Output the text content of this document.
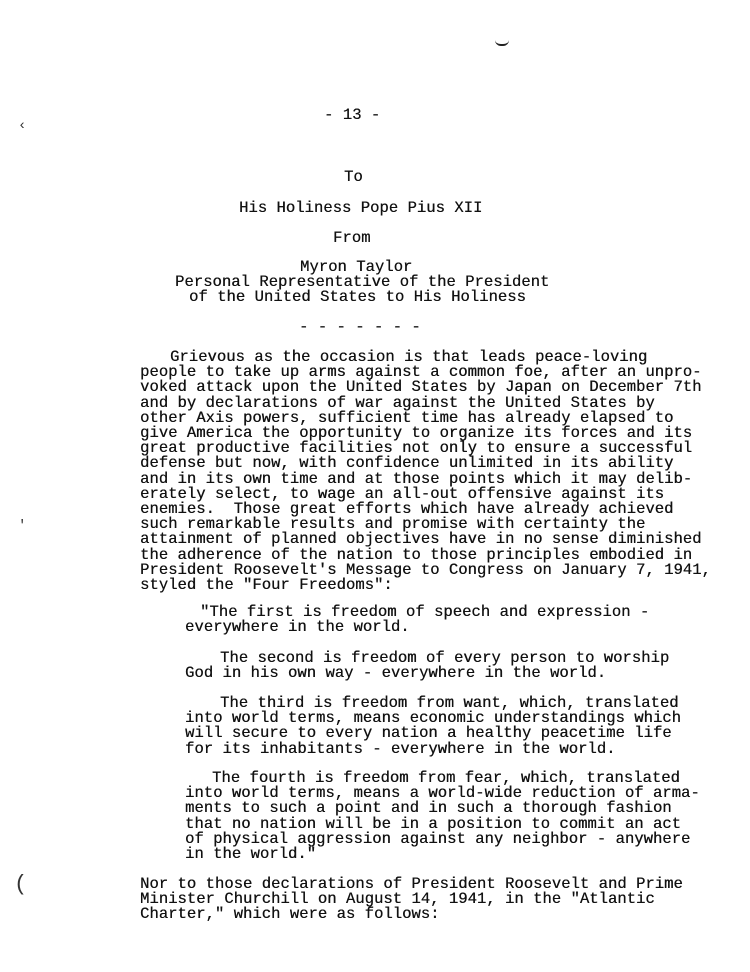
‹
'
(
- 13 -
To
His Holiness Pope Pius XII
From
Myron Taylor
Personal Representative of the President
of the United States to His Holiness
- - - - - - -
Grievous as the occasion is that leads peace-loving
people to take up arms against a common foe, after an unpro-
voked attack upon the United States by Japan on December 7th
and by declarations of war against the United States by
other Axis powers, sufficient time has already elapsed to
give America the opportunity to organize its forces and its
great productive facilities not only to ensure a successful
defense but now, with confidence unlimited in its ability
and in its own time and at those points which it may delib-
erately select, to wage an all-out offensive against its
enemies.  Those great efforts which have already achieved
such remarkable results and promise with certainty the
attainment of planned objectives have in no sense diminished
the adherence of the nation to those principles embodied in
President Roosevelt's Message to Congress on January 7, 1941,
styled the "Four Freedoms":
"The first is freedom of speech and expression -
everywhere in the world.
The second is freedom of every person to worship
God in his own way - everywhere in the world.
The third is freedom from want, which, translated
into world terms, means economic understandings which
will secure to every nation a healthy peacetime life
for its inhabitants - everywhere in the world.
The fourth is freedom from fear, which, translated
into world terms, means a world-wide reduction of arma-
ments to such a point and in such a thorough fashion
that no nation will be in a position to commit an act
of physical aggression against any neighbor - anywhere
in the world."
Nor to those declarations of President Roosevelt and Prime
Minister Churchill on August 14, 1941, in the "Atlantic
Charter," which were as follows:
